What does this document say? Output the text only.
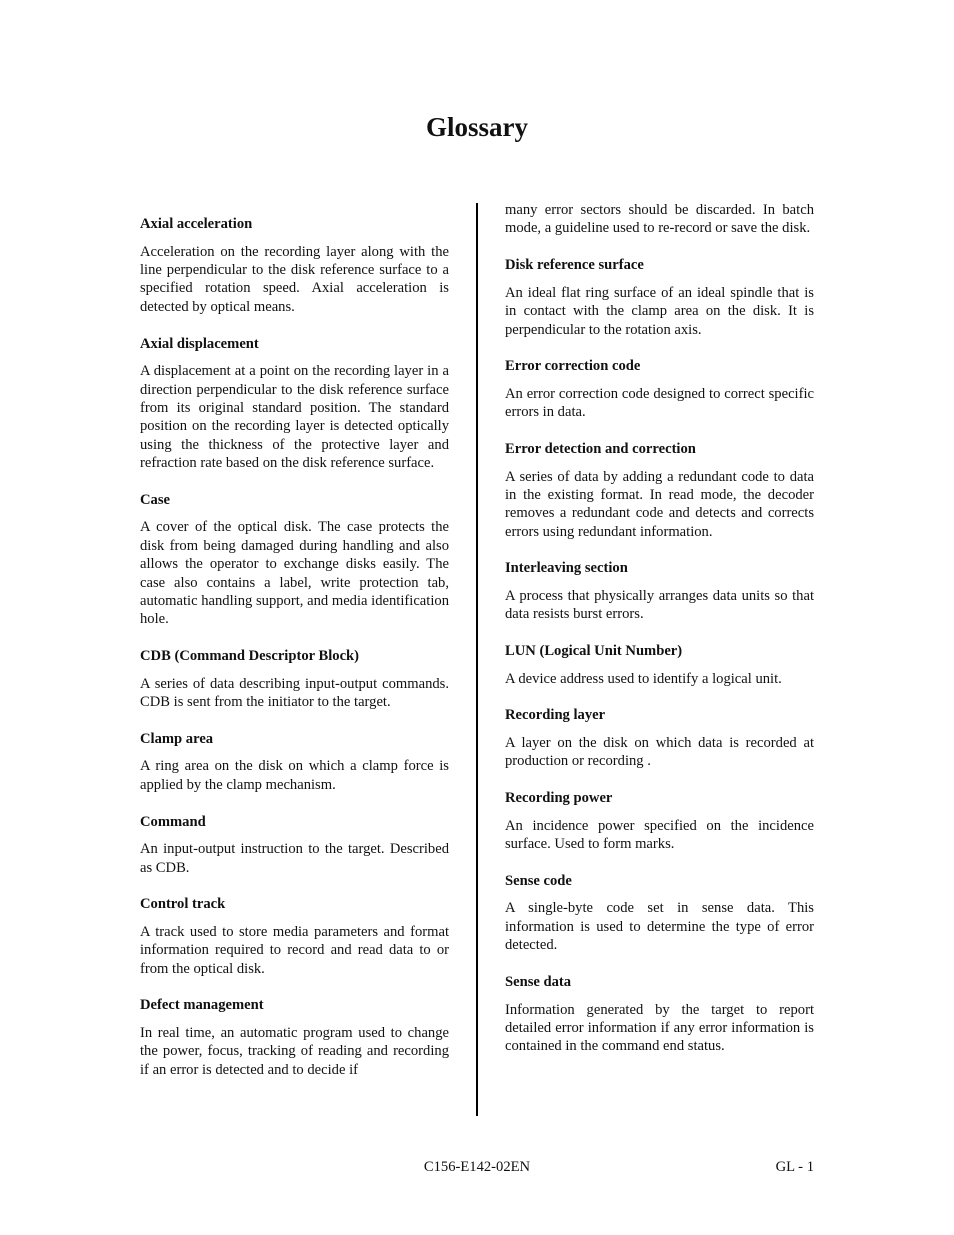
Glossary

Axial acceleration

Acceleration on the recording layer along with the line perpendicular to the disk reference surface to a specified rotation speed. Axial acceleration is detected by optical means.

Axial displacement

A displacement at a point on the recording layer in a direction perpendicular to the disk reference surface from its original standard position. The standard position on the recording layer is detected optically using the thickness of the protective layer and refraction rate based on the disk reference surface.

Case

A cover of the optical disk. The case protects the disk from being damaged during handling and also allows the operator to exchange disks easily. The case also contains a label, write protection tab, automatic handling support, and media identification hole.

CDB (Command Descriptor Block)

A series of data describing input-output commands. CDB is sent from the initiator to the target.

Clamp area

A ring area on the disk on which a clamp force is applied by the clamp mechanism.

Command

An input-output instruction to the target. Described as CDB.

Control track

A track used to store media parameters and format information required to record and read data to or from the optical disk.

Defect management

In real time, an automatic program used to change the power, focus, tracking of reading and recording if an error is detected and to decide if

many error sectors should be discarded. In batch mode, a guideline used to re-record or save the disk.

Disk reference surface

An ideal flat ring surface of an ideal spindle that is in contact with the clamp area on the disk. It is perpendicular to the rotation axis.

Error correction code

An error correction code designed to correct specific errors in data.

Error detection and correction

A series of data by adding a redundant code to data in the existing format. In read mode, the decoder removes a redundant code and detects and corrects errors using redundant information.

Interleaving section

A process that physically arranges data units so that data resists burst errors.

LUN (Logical Unit Number)

A device address used to identify a logical unit.

Recording layer

A layer on the disk on which data is recorded at production or recording .

Recording power

An incidence power specified on the incidence surface. Used to form marks.

Sense code

A single-byte code set in sense data. This information is used to determine the type of error detected.

Sense data

Information generated by the target to report detailed error information if any error information is contained in the command end status.

C156-E142-02EN	GL - 1
